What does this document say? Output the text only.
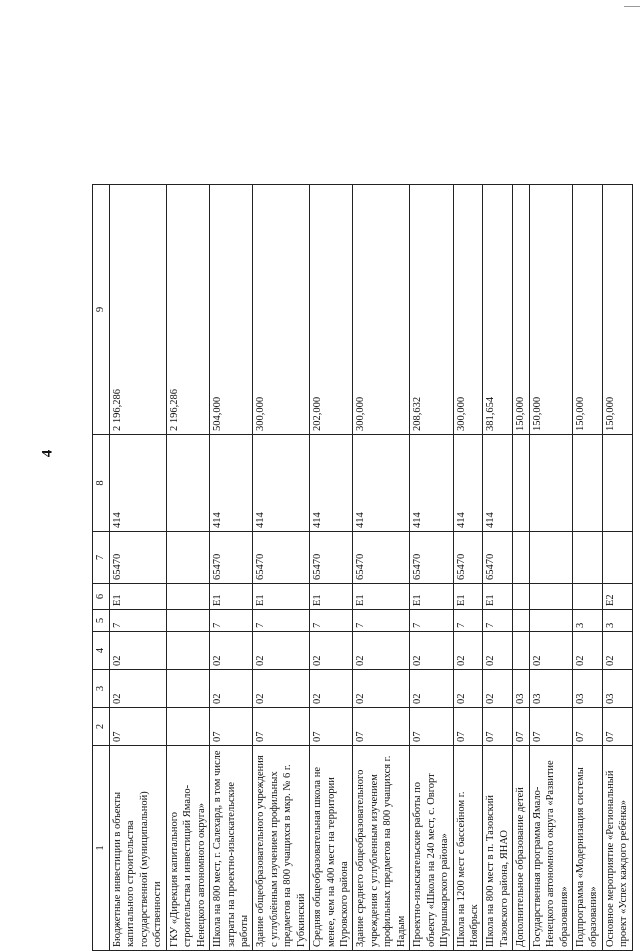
4
1	2	3	4	5	6	7	8	9
Бюджетные инвестиции в объекты капитального строительства государственной (муниципальной) собственности	07	02	02	7	E1	65470	414	2 196,286
ГКУ «Дирекция капитального строительства и инвестиций Ямало-Ненецкого автономного округа»								2 196,286
Школа на 800 мест, г. Салехард, в том числе затраты на проектно-изыскательские работы	07	02	02	7	E1	65470	414	504,000
Здание общеобразовательного учреждения с углублённым изучением профильных предметов на 800 учащихся в мкр. № 6 г. Губкинский	07	02	02	7	E1	65470	414	300,000
Средняя общеобразовательная школа не менее, чем на 400 мест на территории Пуровского района	07	02	02	7	E1	65470	414	202,000
Здание среднего общеобразовательного учреждения с углубленным изучением профильных предметов на 800 учащихся г. Надым	07	02	02	7	E1	65470	414	300,000
Проектно-изыскательские работы по объекту «Школа на 240 мест, с. Овгорт Шурышкарского района»	07	02	02	7	E1	65470	414	208,632
Школа на 1200 мест с бассейном г. Ноябрьск	07	02	02	7	E1	65470	414	300,000
Школа на 800 мест в п. Тазовский Тазовского района, ЯНАО	07	02	02	7	E1	65470	414	381,654
Дополнительное образование детей	07	03						150,000
Государственная программа Ямало-Ненецкого автономного округа «Развитие образования»	07	03	02					150,000
Подпрограмма «Модернизация системы образования»	07	03	02	3				150,000
Основное мероприятие «Региональный проект «Успех каждого ребёнка»	07	03	02	3	E2			150,000
